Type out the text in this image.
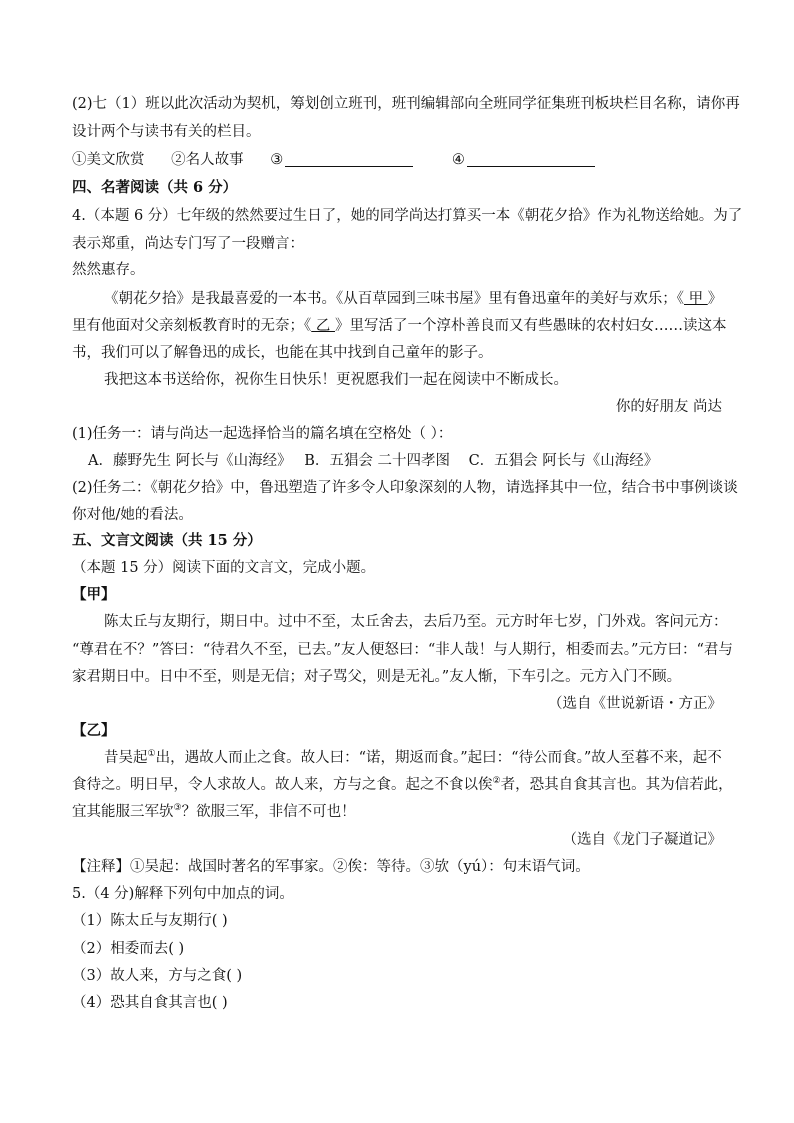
(2)七（1）班以此次活动为契机，筹划创立班刊，班刊编辑部向全班同学征集班刊板块栏目名称，请你再
设计两个与读书有关的栏目。
①美文欣赏 ②名人故事 ③	④
四、名著阅读（共 6 分）
4.（本题 6 分）七年级的然然要过生日了，她的同学尚达打算买一本《朝花夕拾》作为礼物送给她。为了
表示郑重，尚达专门写了一段赠言：
然然惠存。
《朝花夕拾》是我最喜爱的一本书。《从百草园到三味书屋》里有鲁迅童年的美好与欢乐；《 甲 》
里有他面对父亲刻板教育时的无奈；《 乙 》里写活了一个淳朴善良而又有些愚昧的农村妇女……读这本
书，我们可以了解鲁迅的成长，也能在其中找到自己童年的影子。
我把这本书送给你，祝你生日快乐！更祝愿我们一起在阅读中不断成长。
你的好朋友 尚达
(1)任务一：请与尚达一起选择恰当的篇名填在空格处（ ）：
A．藤野先生 阿长与《山海经》 B．五猖会 二十四孝图 C．五猖会 阿长与《山海经》
(2)任务二：《朝花夕拾》中，鲁迅塑造了许多令人印象深刻的人物，请选择其中一位，结合书中事例谈谈
你对他/她的看法。
五、文言文阅读（共 15 分）
（本题 15 分）阅读下面的文言文，完成小题。
【甲】
陈太丘与友期行，期日中。过中不至，太丘舍去，去后乃至。元方时年七岁，门外戏。客问元方：
“尊君在不？”答曰：“待君久不至，已去。”友人便怒曰：“非人哉！与人期行，相委而去。”元方曰：“君与
家君期日中。日中不至，则是无信；对子骂父，则是无礼。”友人惭，下车引之。元方入门不顾。
（选自《世说新语・方正》
【乙】
昔吴起①出，遇故人而止之食。故人曰：“诺，期返而食。”起曰：“待公而食。”故人至暮不来，起不
食待之。明日早，令人求故人。故人来，方与之食。起之不食以俟②者，恐其自食其言也。其为信若此，
宜其能服三军欤③？欲服三军，非信不可也！
（选自《龙门子凝道记》
【注释】①吴起：战国时著名的军事家。②俟：等待。③欤（yú）：句末语气词。
5.（4 分)解释下列句中加点的词。
（1）陈太丘与友期行( )
（2）相委而去( )
（3）故人来，方与之食( )
（4）恐其自食其言也( )
